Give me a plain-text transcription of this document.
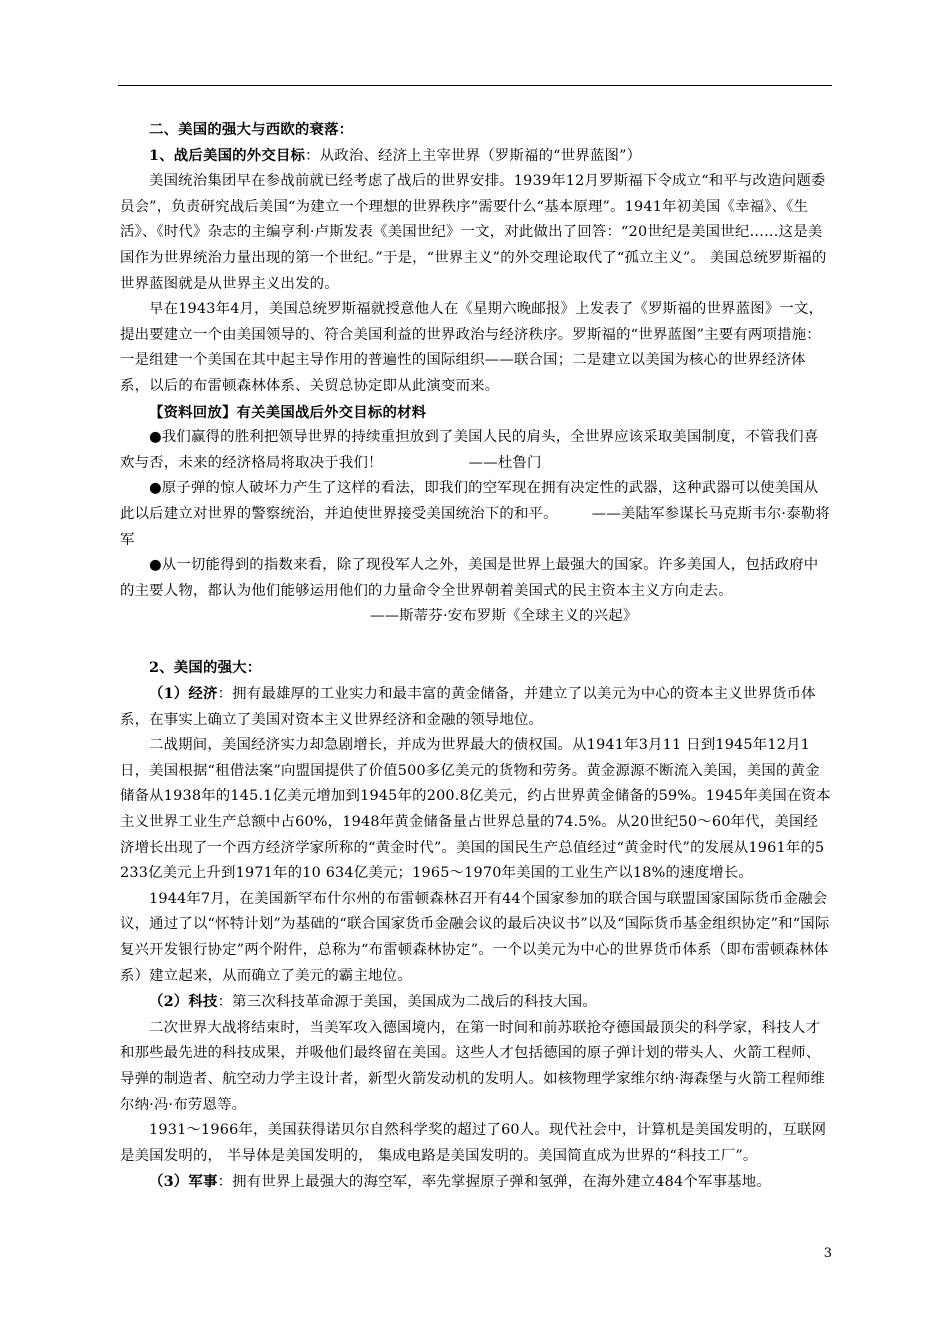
二、美国的强大与西欧的衰落：

1、战后美国的外交目标：从政治、经济上主宰世界（罗斯福的“世界蓝图”）

美国统治集团早在参战前就已经考虑了战后的世界安排。1939年12月罗斯福下令成立“和平与改造问题委员会”，负责研究战后美国“为建立一个理想的世界秩序”需要什么“基本原理”。1941年初美国《幸福》、《生活》、《时代》杂志的主编亨利·卢斯发表《美国世纪》一文，对此做出了回答：“20世纪是美国世纪……这是美国作为世界统治力量出现的第一个世纪。”于是，“世界主义”的外交理论取代了“孤立主义”。 美国总统罗斯福的世界蓝图就是从世界主义出发的。

早在1943年4月，美国总统罗斯福就授意他人在《星期六晚邮报》上发表了《罗斯福的世界蓝图》一文，提出要建立一个由美国领导的、符合美国利益的世界政治与经济秩序。罗斯福的“世界蓝图”主要有两项措施：一是组建一个美国在其中起主导作用的普遍性的国际组织——联合国；二是建立以美国为核心的世界经济体系，以后的布雷顿森林体系、关贸总协定即从此演变而来。

【资料回放】有关美国战后外交目标的材料

●我们赢得的胜利把领导世界的持续重担放到了美国人民的肩头，全世界应该采取美国制度，不管我们喜欢与否，未来的经济格局将取决于我们！	——杜鲁门

●原子弹的惊人破坏力产生了这样的看法，即我们的空军现在拥有决定性的武器，这种武器可以使美国从此以后建立对世界的警察统治，并迫使世界接受美国统治下的和平。 ——美陆军参谋长马克斯韦尔·泰勒将军

●从一切能得到的指数来看，除了现役军人之外，美国是世界上最强大的国家。许多美国人，包括政府中的主要人物，都认为他们能够运用他们的力量命令全世界朝着美国式的民主资本主义方向走去。——斯蒂芬·安布罗斯《全球主义的兴起》

2、美国的强大：

（1）经济：拥有最雄厚的工业实力和最丰富的黄金储备，并建立了以美元为中心的资本主义世界货币体系，在事实上确立了美国对资本主义世界经济和金融的领导地位。

二战期间，美国经济实力却急剧增长，并成为世界最大的债权国。从1941年3月11 日到1945年12月1日，美国根据“租借法案”向盟国提供了价值500多亿美元的货物和劳务。黄金源源不断流入美国，美国的黄金储备从1938年的145.1亿美元增加到1945年的200.8亿美元，约占世界黄金储备的59%。1945年美国在资本主义世界工业生产总额中占60%，1948年黄金储备量占世界总量的74.5%。从20世纪50～60年代，美国经济增长出现了一个西方经济学家所称的“黄金时代”。美国的国民生产总值经过“黄金时代”的发展从1961年的5 233亿美元上升到1971年的10 634亿美元；1965～1970年美国的工业生产以18%的速度增长。

1944年7月，在美国新罕布什尔州的布雷顿森林召开有44个国家参加的联合国与联盟国家国际货币金融会议，通过了以“怀特计划”为基础的“联合国家货币金融会议的最后决议书”以及“国际货币基金组织协定”和“国际复兴开发银行协定”两个附件，总称为“布雷顿森林协定”。一个以美元为中心的世界货币体系（即布雷顿森林体系）建立起来，从而确立了美元的霸主地位。

（2）科技：第三次科技革命源于美国，美国成为二战后的科技大国。

二次世界大战将结束时，当美军攻入德国境内，在第一时间和前苏联抢夺德国最顶尖的科学家，科技人才和那些最先进的科技成果，并吸他们最终留在美国。这些人才包括德国的原子弹计划的带头人、火箭工程师、导弹的制造者、航空动力学主设计者，新型火箭发动机的发明人。如核物理学家维尔纳·海森堡与火箭工程师维尔纳·冯·布劳恩等。

1931～1966年，美国获得诺贝尔自然科学奖的超过了60人。现代社会中，计算机是美国发明的，互联网是美国发明的， 半导体是美国发明的， 集成电路是美国发明的。美国简直成为世界的“科技工厂”。

（3）军事：拥有世界上最强大的海空军，率先掌握原子弹和氢弹，在海外建立484个军事基地。

3
